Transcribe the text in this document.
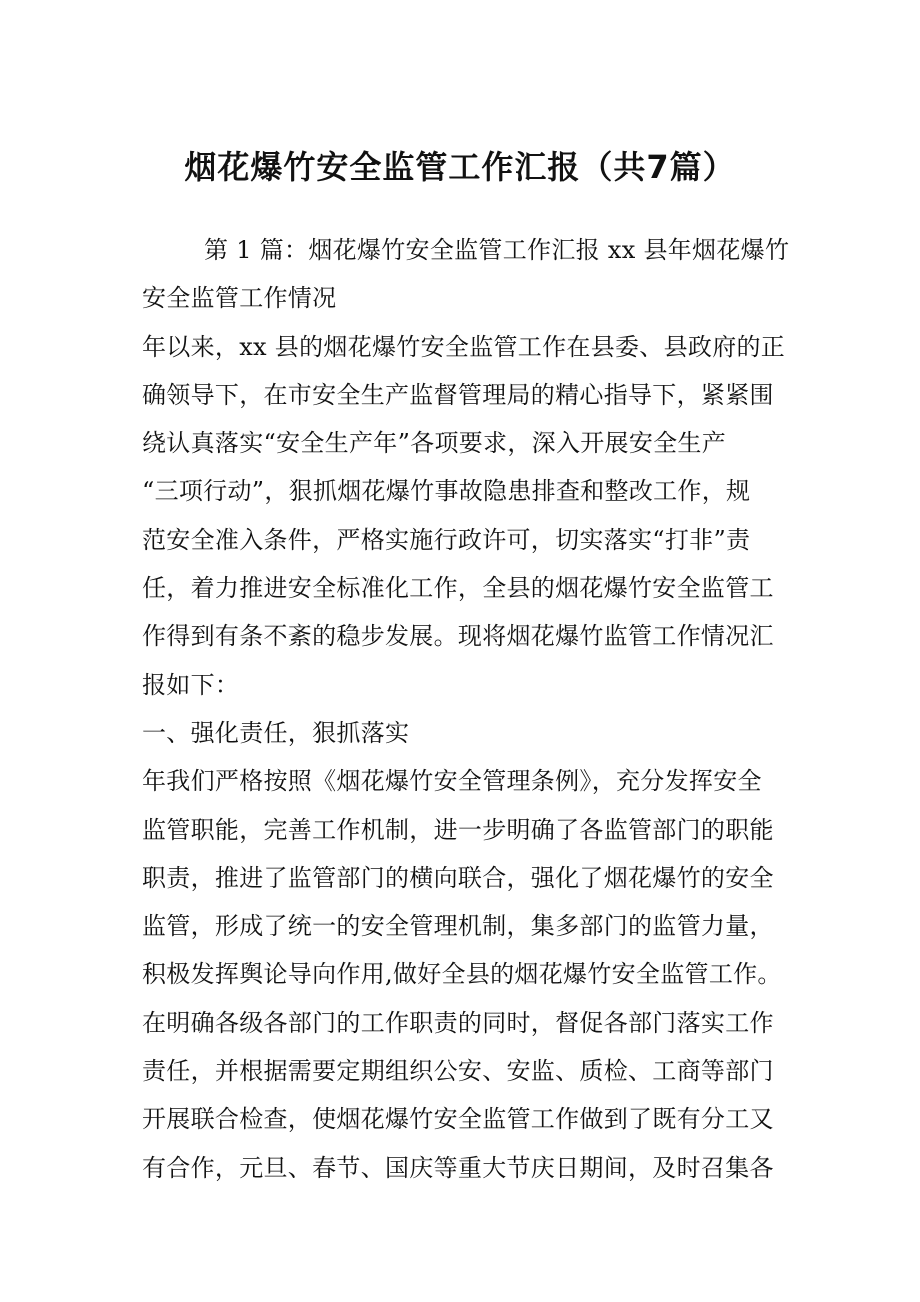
烟花爆竹安全监管工作汇报（共7篇）
第 1 篇：烟花爆竹安全监管工作汇报 xx 县年烟花爆竹
安全监管工作情况
年以来，xx 县的烟花爆竹安全监管工作在县委、县政府的正
确领导下，在市安全生产监督管理局的精心指导下，紧紧围
绕认真落实“安全生产年”各项要求，深入开展安全生产
“三项行动”，狠抓烟花爆竹事故隐患排查和整改工作，规
范安全准入条件，严格实施行政许可，切实落实“打非”责
任，着力推进安全标准化工作，全县的烟花爆竹安全监管工
作得到有条不紊的稳步发展。现将烟花爆竹监管工作情况汇
报如下：
一、强化责任，狠抓落实
年我们严格按照《烟花爆竹安全管理条例》，充分发挥安全
监管职能，完善工作机制，进一步明确了各监管部门的职能
职责，推进了监管部门的横向联合，强化了烟花爆竹的安全
监管，形成了统一的安全管理机制，集多部门的监管力量，
积极发挥舆论导向作用,做好全县的烟花爆竹安全监管工作。
在明确各级各部门的工作职责的同时，督促各部门落实工作
责任，并根据需要定期组织公安、安监、质检、工商等部门
开展联合检查，使烟花爆竹安全监管工作做到了既有分工又
有合作，元旦、春节、国庆等重大节庆日期间，及时召集各
